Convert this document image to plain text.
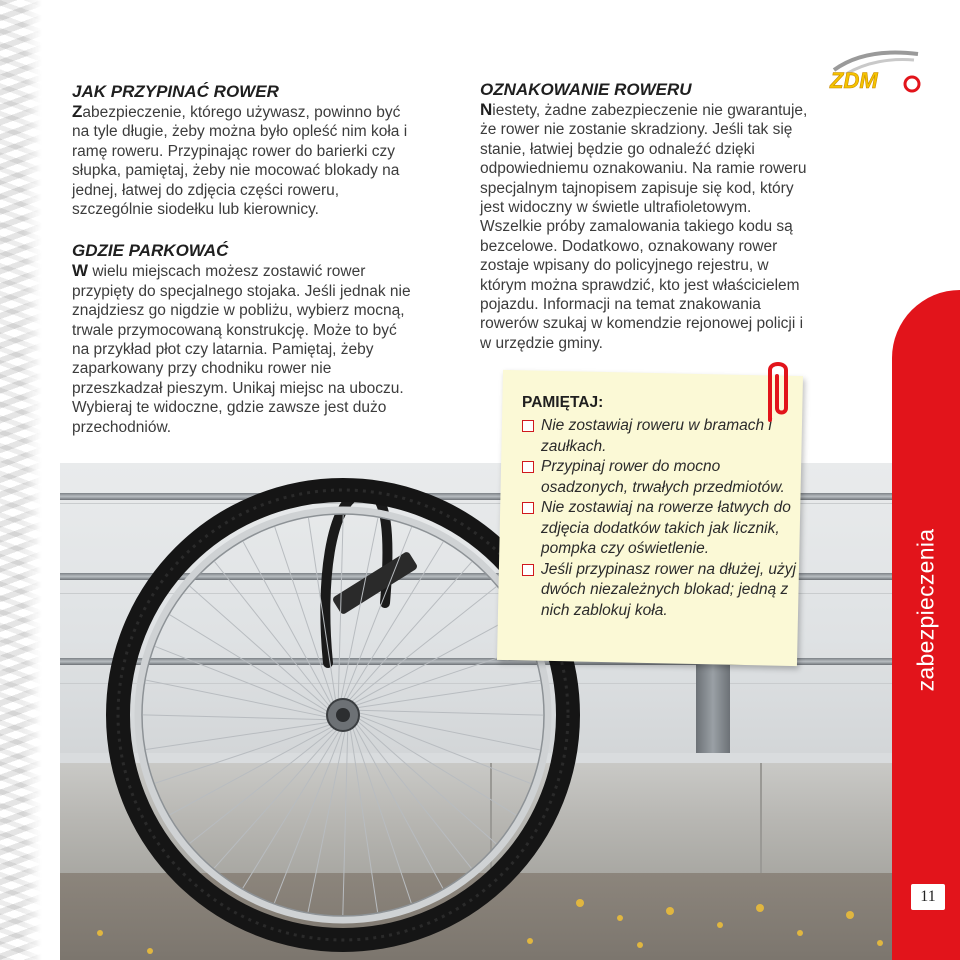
JAK PRZYPINAĆ ROWER

Zabezpieczenie, którego używasz, powinno być na tyle długie, żeby można było opleść nim koła i ramę roweru. Przypinając rower do barierki czy słupka, pamiętaj, żeby nie mocować blokady na jednej, łatwej do zdjęcia części roweru, szczególnie siodełku lub kierownicy.

GDZIE PARKOWAĆ

W wielu miejscach możesz zostawić rower przypięty do specjalnego stojaka. Jeśli jednak nie znajdziesz go nigdzie w pobliżu, wybierz mocną, trwale przymocowaną konstrukcję. Może to być na przykład płot czy latarnia. Pamiętaj, żeby zaparkowany przy chodniku rower nie przeszkadzał pieszym. Unikaj miejsc na uboczu. Wybieraj te widoczne, gdzie zawsze jest dużo przechodniów.

OZNAKOWANIE ROWERU

Niestety, żadne zabezpieczenie nie gwarantuje, że rower nie zostanie skradziony. Jeśli tak się stanie, łatwiej będzie go odnaleźć dzięki odpowiedniemu oznakowaniu. Na ramie roweru specjalnym tajnopisem zapisuje się kod, który jest widoczny w świetle ultrafioletowym. Wszelkie próby zamalowania takiego kodu są bezcelowe. Dodatkowo, oznakowany rower zostaje wpisany do policyjnego rejestru, w którym można sprawdzić, kto jest właścicielem pojazdu. Informacji na temat znakowania rowerów szukaj w komendzie rejonowej policji i w urzędzie gminy.

PAMIĘTAJ:

Nie zostawiaj roweru w bramach i zaułkach.
Przypinaj rower do mocno osadzonych, trwałych przedmiotów.
Nie zostawiaj na rowerze łatwych do zdjęcia dodatków takich jak licznik, pompka czy oświetlenie.
Jeśli przypinasz rower na dłużej, użyj dwóch niezależnych blokad; jedną z nich zablokuj koła.
ZDM
zabezpieczenia
11
